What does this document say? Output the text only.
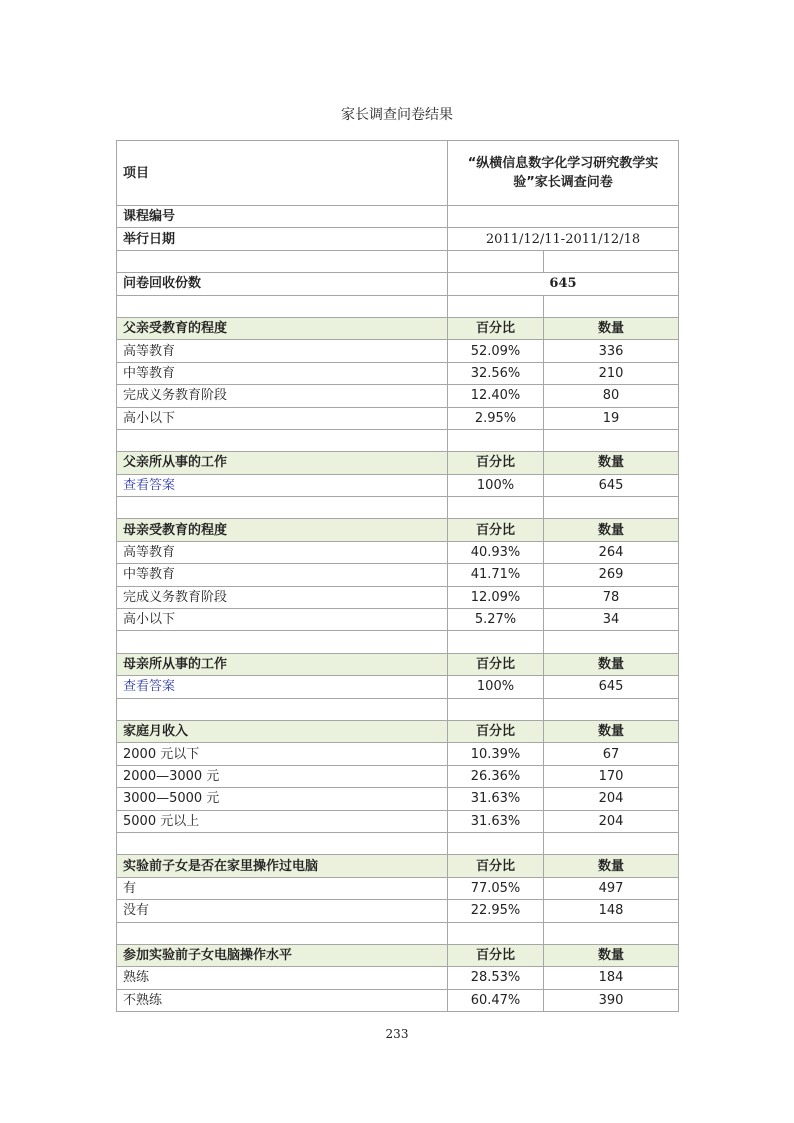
家长调查问卷结果
项目	“纵横信息数字化学习研究教学实验”家长调查问卷	
课程编号		
举行日期	2011/12/11-2011/12/18	

问卷回收份数	645	

父亲受教育的程度	百分比	数量
高等教育	52.09%	336
中等教育	32.56%	210
完成义务教育阶段	12.40%	80
高小以下	2.95%	19

父亲所从事的工作	百分比	数量
查看答案	100%	645

母亲受教育的程度	百分比	数量
高等教育	40.93%	264
中等教育	41.71%	269
完成义务教育阶段	12.09%	78
高小以下	5.27%	34

母亲所从事的工作	百分比	数量
查看答案	100%	645

家庭月收入	百分比	数量
2000 元以下	10.39%	67
2000—3000 元	26.36%	170
3000—5000 元	31.63%	204
5000 元以上	31.63%	204

实验前子女是否在家里操作过电脑	百分比	数量
有	77.05%	497
没有	22.95%	148

参加实验前子女电脑操作水平	百分比	数量
熟练	28.53%	184
不熟练	60.47%	390
233
